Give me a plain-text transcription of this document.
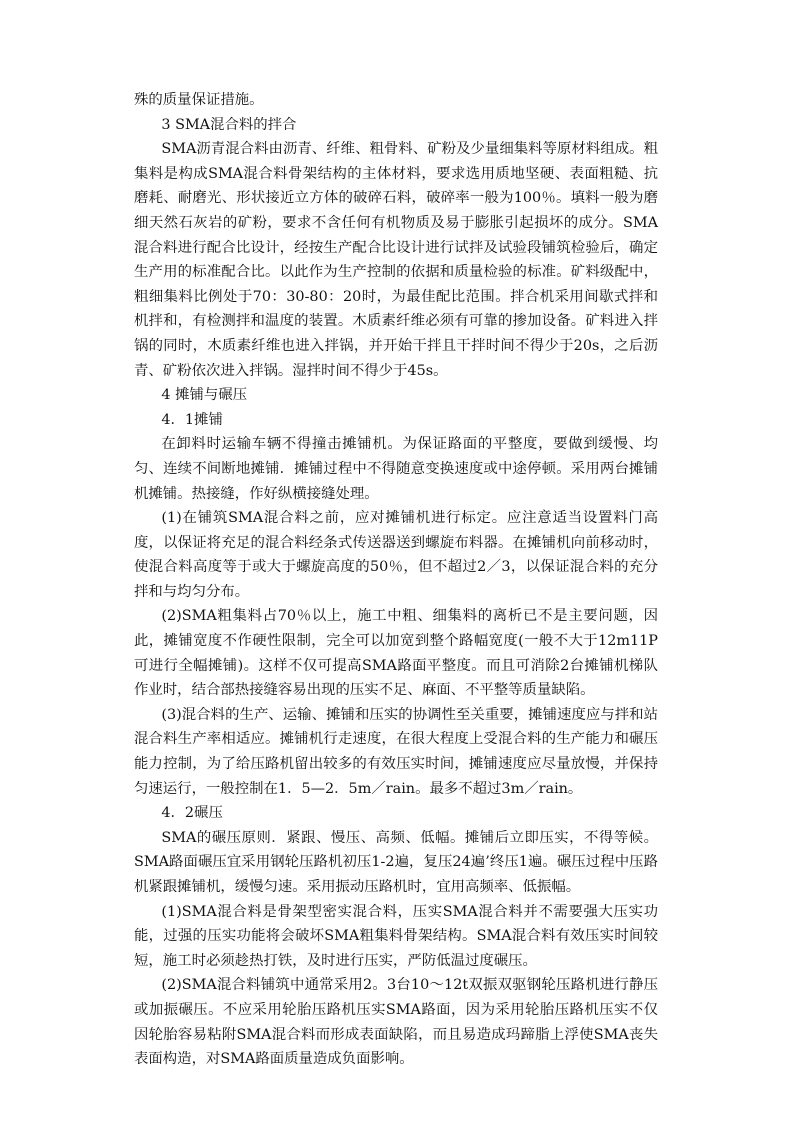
殊的质量保证措施。

3 SMA混合料的拌合

SMA沥青混合料由沥青、纤维、粗骨料、矿粉及少量细集料等原材料组成。粗集料是构成SMA混合料骨架结构的主体材料，要求选用质地坚硬、表面粗糙、抗磨耗、耐磨光、形状接近立方体的破碎石料，破碎率一般为100％。填料一般为磨细天然石灰岩的矿粉，要求不含任何有机物质及易于膨胀引起损坏的成分。SMA混合料进行配合比设计，经按生产配合比设计进行试拌及试验段铺筑检验后，确定生产用的标准配合比。以此作为生产控制的依据和质量检验的标准。矿料级配中，粗细集料比例处于70：30-80：20时，为最佳配比范围。拌合机采用间歇式拌和机拌和，有检测拌和温度的装置。木质素纤维必须有可靠的掺加设备。矿料进入拌锅的同时，木质素纤维也进入拌锅，并开始干拌且干拌时间不得少于20s，之后沥青、矿粉依次进入拌锅。湿拌时间不得少于45s。

4 摊铺与碾压

4．1摊铺

在卸料时运输车辆不得撞击摊铺机。为保证路面的平整度，要做到缓慢、均匀、连续不间断地摊铺．摊铺过程中不得随意变换速度或中途停顿。采用两台摊铺机摊铺。热接缝，作好纵横接缝处理。

(1)在铺筑SMA混合料之前，应对摊铺机进行标定。应注意适当设置料门高度，以保证将充足的混合料经条式传送器送到螺旋布料器。在摊铺机向前移动时，使混合料高度等于或大于螺旋高度的50％，但不超过2／3，以保证混合料的充分拌和与均匀分布。

(2)SMA粗集料占70％以上，施工中粗、细集料的离析已不是主要问题，因此，摊铺宽度不作硬性限制，完全可以加宽到整个路幅宽度(一般不大于12m11P可进行全幅摊铺)。这样不仅可提高SMA路面平整度。而且可消除2台摊铺机梯队作业时，结合部热接缝容易出现的压实不足、麻面、不平整等质量缺陷。

(3)混合料的生产、运输、摊铺和压实的协调性至关重要，摊铺速度应与拌和站混合料生产率相适应。摊铺机行走速度，在很大程度上受混合料的生产能力和碾压能力控制，为了给压路机留出较多的有效压实时间，摊铺速度应尽量放慢，并保持匀速运行，一般控制在1．5—2．5m／rain。最多不超过3m／rain。

4．2碾压

SMA的碾压原则．紧跟、慢压、高频、低幅。摊铺后立即压实，不得等候。SMA路面碾压宜采用钢轮压路机初压1-2遍，复压24遍’终压1遍。碾压过程中压路机紧跟摊铺机，缓慢匀速。采用振动压路机时，宜用高频率、低振幅。

(1)SMA混合料是骨架型密实混合料，压实SMA混合料并不需要强大压实功能，过强的压实功能将会破坏SMA粗集料骨架结构。SMA混合料有效压实时间较短，施工时必须趁热打铁，及时进行压实，严防低温过度碾压。

(2)SMA混合料铺筑中通常采用2。3台10～12t双振双驱钢轮压路机进行静压或加振碾压。不应采用轮胎压路机压实SMA路面，因为采用轮胎压路机压实不仅因轮胎容易粘附SMA混合料而形成表面缺陷，而且易造成玛蹄脂上浮使SMA丧失表面构造，对SMA路面质量造成负面影响。
